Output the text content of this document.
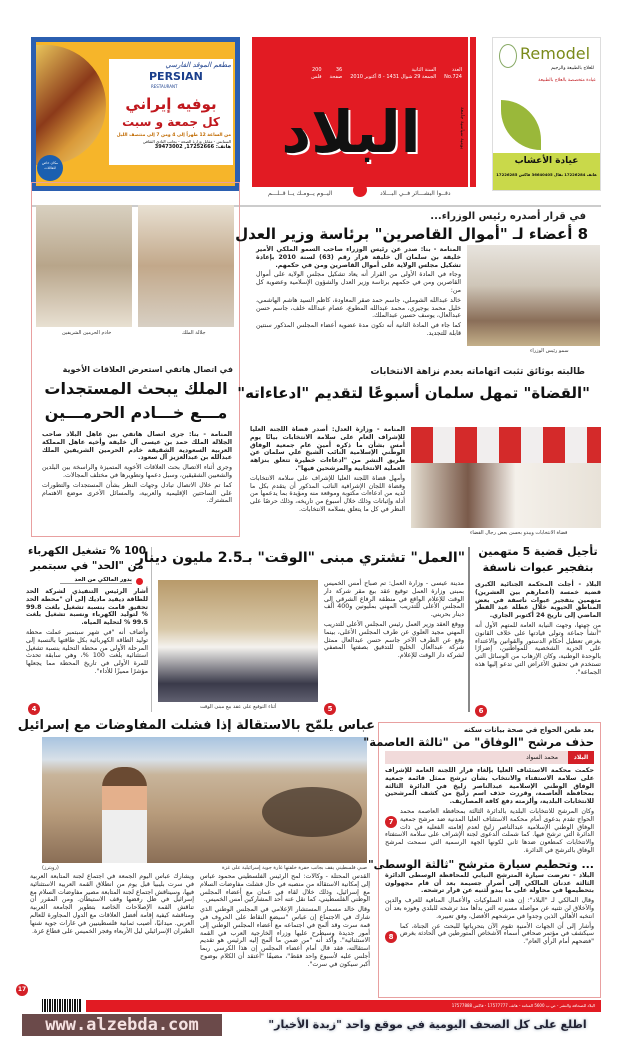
مطعم الموقد الفارسي
PERSIAN
RESTAURANT
بوفيه إيراني
كل جمعة و سبت
من الساعة 12 ظهراً إلى 4 ومن 7 إلى منتصف الليل
السنابس - مقابل وزارة الصحة - بجانب النادي الثقافي
هاتف: 17252666, 39473002
مكان خاص للعائلات
العدد
No.724
السنة الثانية
الجمعة 29 شوال 1431 - 8 أكتوبر 2010
36
صفحة
200
فلس
البلاد	يومية سياسية جامعة
دقــوا البشـــائر فــي البـــلاد
اليــوم يــومـك يــا قــلـــم
Remodel
للعلاج بالطبيعة والرجيم
عيادة متخصصة بالعلاج بالطبيعة
عيادة الأعشاب
هاتف 17226284 نقال 36640405 فاكس 17226285
خادم الحرمين الشريفين	جلالة الملك
في اتصال هاتفي استعرض العلاقات الأخوية
الملك يبحث المستجدات
مـــع خـــادم الحرمـــين

المنامة - بنا: جرى اتصال هاتفي بين عاهل البلاد صاحب الجلالة الملك حمد بن عيسى آل خليفة وأخيه عاهل المملكة العربية السعودية الشقيقة خادم الحرمين الشريفين الملك عبدالله بن عبدالعزيز آل سعود.

وجرى أثناء الاتصال بحث العلاقات الأخوية المتميزة والراسخة بين البلدين والشعبين الشقيقين، وسبل دعمها وتطويرها في مختلف المجالات.

كما تم خلال الاتصال تبادل وجهات النظر بشأن المستجدات والتطورات على الساحتين الإقليمية والعربية، والمسائل الأخرى موضع الاهتمام المشترك.

في قرار أصدره رئيس الوزراء...
8 أعضاء لـ "أموال القاصرين" برئاسة وزير العدل
سمو رئيس الوزراء

المنامة - بنا: صدر عن رئيس الوزراء صاحب السمو الملكي الأمير خليفة بن سلمان آل خليفة قرار رقم (63) لسنة 2010 بإعادة تشكيل مجلس الولاية على أموال القاصرين ومن في حكمهم.

وجاء في المادة الأولى من القرار أنه يعاد تشكيل مجلس الولاية على أموال القاصرين ومن في حكمهم برئاسة وزير العدل والشؤون الإسلامية وعضوية كل من:

خالد عبدالله الشوملي، جاسم حمد صقر المعاودة، كاظم السيد هاشم الهاشمي، خليل محمد بوجيري، محمد عبدالله المطوع، عصام عبدالله خلف، جاسم حسن عبدالعال، يوسف حسين عبدالملك.

كما جاء في المادة الثانية أنه تكون مدة عضوية أعضاء المجلس المذكور سنتين قابلة للتجديد.

طالبته بوثائق تثبت اتهاماته بعدم نزاهة الانتخابات
"القضاة" تمهل سلمان أسبوعًا لتقديم "ادعاءاته"
قضاة الانتخابات ويبدو بحسن بعض رجال القضاء

المنامة - وزارة العدل: أصدر قضاة اللجنة العليا للإشراف العام على سلامة الانتخابات بيانًا يوم أمس بشأن ما ذكره أمين عام جمعية الوفاق الوطني الإسلامية النائب الشيخ علي سلمان عن طريق النشر من "ادعاءات خطيرة تتعلق بنزاهة العملية الانتخابية والمرشحين فيها".

وأمهل قضاة اللجنة العليا للإشراف على سلامة الانتخابات وقضاة اللجان الإشرافية النائب المذكور أن يتقدم بكل ما لديه من ادعاءات مكتوبة وموقعة منه ومؤيدة بما يدعمها من أدلة وإثباتات وذلك خلال أسبوع من تاريخه، وذلك حرصًا على النظر في كل ما يتعلق بسلامة الانتخابات.

100 % تشغيل الكهرباء
من "الحد" في سبتمبر
بدور المالكي من الحد

أشار الرئيس التنفيذي لشركة الحد للطاقة ديفيد ماديك إلى أن "محطة الحد تحقيق قامت بنسبة تشغيل بلغت 99.8 % لتوليد الكهرباء ونسبة تشغيل بلغت 99.5 % لتحلية المياه.

وأضاف أنه "في شهر سبتمبر عملت محطة توليد الطاقة الكهربائية بكل طاقتها بالنسبة إلى المرحلة الأولى من محطة التحلية بنسبة تشغيل استثنائية بلغت 100 %، وهي سابقة تحدث للمرة الأولى في تاريخ المحطة مما يجعلها مؤشرًا مميزًا للأداء".

4
"العمل" تشتري مبنى "الوقت" بـ2.5 مليون دينار
أثناء التوقيع على عقد بيع مبنى الوقت

مدينة عيسى - وزارة العمل: تم صباح أمس الخميس بمبنى وزارة العمل توقيع عقد بيع مقر شركة دار الوقت للإعلام الواقع في منطقة الرفاع الشرقي إلى المجلس الأعلى للتدريب المهني بمليونين و400 ألف دينار بحريني.

ووقع العقد وزير العمل رئيس المجلس الأعلى للتدريب المهني مجيد العلوي عن طرف المجلس الأعلى، بينما وقع عن الطرف الآخر جاسم حسن عبدالعال ممثل شركة عبدالعال الخليج للتدقيق بصفتها المصفي لشركة دار الوقت للإعلام.

5
تأجيل قضية 5 متهمين
بتفجير عبوات ناسفة

البلاد - أجلت المحكمة الجنائية الكبرى قضية خمسة (أعمارهم بين العشرين) متهمين بتفجير عبوات ناسفة في بعض المناطق الحيوية خلال عطلة عيد الفطر الماضي إلى تاريخ 24 أكتوبر الجاري.

من جهتها، وجهت النيابة العامة للمتهم الأول أنه "أنشأ جماعة وتولى قيادتها على خلاف القانون بغرض تعطيل أحكام الدستور والقوانين والاعتداء على الحرية الشخصية للمواطنين، إضرارًا بالوحدة الوطنية، وكان الإرهاب من الوسائل التي تستخدم في تحقيق الأغراض التي تدعو إليها هذه الجماعة".

6
عباس يلمّح بالاستقالة إذا فشلت المفاوضات مع إسرائيل
صبي فلسطيني يقف بجانب حفرة خلفتها غارة جوية إسرائيلية على غزة
(رويترز)

القدس المحتلة - وكالات: لمح الرئيس الفلسطيني محمود عباس إلى إمكانية الاستقالة من منصبه في حال فشلت مفاوضات السلام مع إسرائيل، وذلك خلال لقاء في عمان مع أعضاء المجلس الوطني الفلسطيني، كما نقل عنه أحد المشاركين أمس الخميس.

وقال خالد مسمار المستشار الإعلامي في المجلس الوطني الذي شارك في الاجتماع إن عباس "سيضع النقاط على الحروف في قمة سرت وقد ألمح في اجتماعه مع أعضاء المجلس الوطني إلى أمور جديدة وسيطرح عليها وزراء الخارجية العرب في القمة الاستثنائية". وأكد أنه "من ضمن ما ألمح إليه الرئيس هو تقديم استقالته، فقد قال أمام أعضاء المجلس إن هذا الكرسي ربما أجلس عليه لأسبوع واحد فقط"، مضيفًا "أعتقد أن الكلام بوضوح أكبر سيكون في سرت".

ويشارك عباس اليوم الجمعة في اجتماع لجنة المتابعة العربية في سرت بليبيا قبل يوم من انطلاق القمة العربية الاستثنائية فيها، وسيناقش اجتماع لجنة المتابعة مصير مفاوضات السلام مع إسرائيل في ظل رفضها وقف الاستيطان. ومن المقرر أن تناقش القمة الإصلاحات الخاصة بتطوير الجامعة العربية ومناقشة كيفية إقامة أفضل العلاقات مع الدول المجاورة للعالم العربي. ميدانيًا، أصيب ثمانية فلسطينيين في غارات جوية شنها الطيران الإسرائيلي ليل الأربعاء وفجر الخميس على قطاع غزة.

17
بعد طعن الحواج في صحة بيانات سكنه
حذف مرشح "الوفاق" من "ثالثة العاصمة"
البلاد
محمد السواد

حكمت محكمة الاستئناف العليا بإلغاء قرار اللجنة العامة للإشراف على سلامة الاستفتاء والانتخاب بشأن ترشح ممثل قائمة جمعية الوفاق الوطني الإسلامية عبدالناصر زليخ في الدائرة الثالثة بمحافظة العاصمة، وقررت حذف اسم زليخ من كشف المرشحين للانتخابات البلدية، وألزمته دفع كافة المصاريف.

7
وكان المرشح للانتخابات البلدية بالدائرة الثالثة بمحافظة العاصمة محمد الحواج تقدم بدعوى أمام محكمة الاستئناف العليا المدنية ضد مرشح جمعية الوفاق الوطني الإسلامية عبدالناصر زليخ لعدم إقامته الفعلية في ذات الدائرة التي ترشح فيها. كما شملت الدعوى لجنة الإشراف على سلامة الاستفتاء والانتخابات كمطعون ضدها ثاني لكونها الجهة الرسمية التي سمحت لمرشح الوفاق بالترشح في الدائرة.

... وتحطيم سيارة مترشح "ثالثة الوسطى"

البلاد - تعرضت سيارة المترشح النيابي للمحافظة الوسطى الدائرة الثالثة عدنان المالكي إلى أضرار جسيمة بعد أن قام مجهولون بتحطيمها في محاولة على ما يبدو لثنيه عن قرار ترشحه.

وقال المالكي لـ "البلاد": إن هذه السلوكيات والأعمال المنافية للعرف والدين والأخلاق لن تثنيه عن مواصلة مسيرته التي بدأها منذ ترشحه للبلدي وفوزه بعد أن انتخبه الأهالي الذين وجدوا في مرشحهم الأفضل، وفق تعبيره.

8
وأشار إلى أن الجهات الأمنية تقوم الآن بتحرياتها للبحث عن الجناة، كما سيكشف في مؤتمر صحافي أسماء الأشخاص المتورطين في الحادثة بغرض "فضحهم أمام الرأي العام".

البلاد للصحافة والنشر - ص.ب 5600 المنامة - هاتف 17577777 - فاكس 17577888
www.alzebda.com	اطلع على كل الصحف اليومية في موقع واحد "زبدة الأخبار"
